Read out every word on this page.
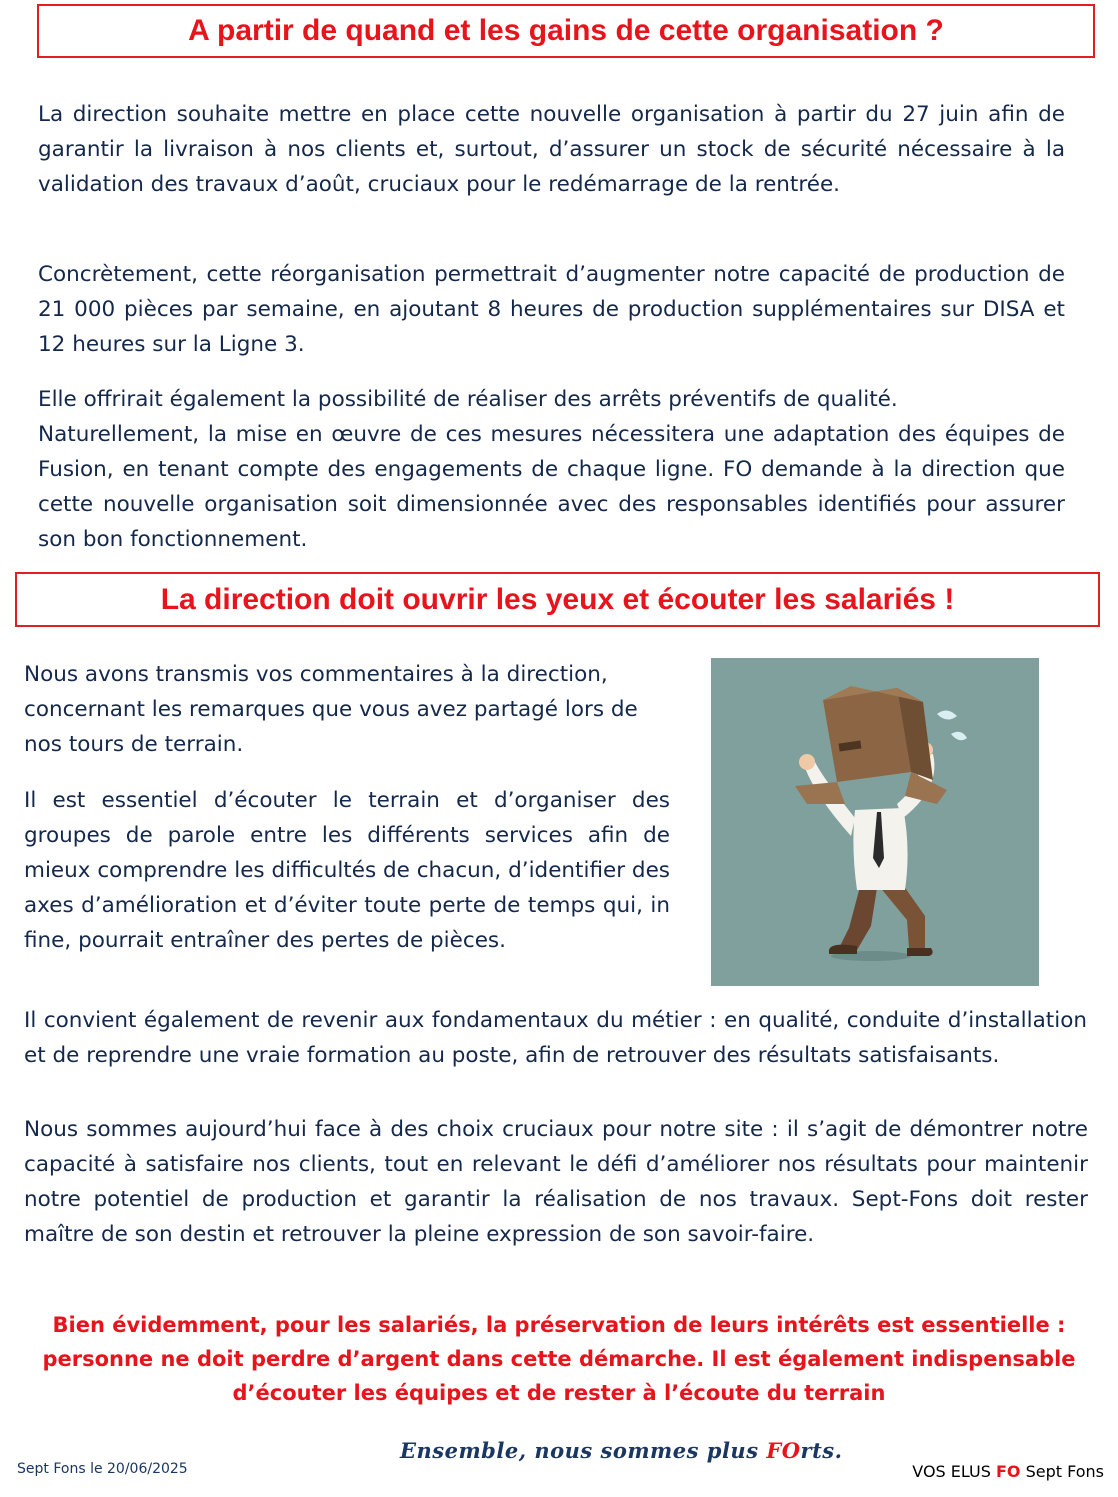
A partir de quand et les gains de cette organisation ?

La direction souhaite mettre en place cette nouvelle organisation à partir du 27 juin afin de garantir la livraison à nos clients et, surtout, d’assurer un stock de sécurité nécessaire à la validation des travaux d’août, cruciaux pour le redémarrage de la rentrée.

Concrètement, cette réorganisation permettrait d’augmenter notre capacité de production de 21 000 pièces par semaine, en ajoutant 8 heures de production supplémentaires sur DISA et 12 heures sur la Ligne 3.

Elle offrirait également la possibilité de réaliser des arrêts préventifs de qualité.

Naturellement, la mise en œuvre de ces mesures nécessitera une adaptation des équipes de Fusion, en tenant compte des engagements de chaque ligne. FO demande à la direction que cette nouvelle organisation soit dimensionnée avec des responsables identifiés pour assurer son bon fonctionnement.

La direction doit ouvrir les yeux et écouter les salariés !

Nous avons transmis vos commentaires à la direction, concernant les remarques que vous avez partagé lors de nos tours de terrain.

Il est essentiel d’écouter le terrain et d’organiser des groupes de parole entre les différents services afin de mieux comprendre les difficultés de chacun, d’identifier des axes d’amélioration et d’éviter toute perte de temps qui, in fine, pourrait entraîner des pertes de pièces.

Il convient également de revenir aux fondamentaux du métier : en qualité, conduite d’installation et de reprendre une vraie formation au poste, afin de retrouver des résultats satisfaisants.

Nous sommes aujourd’hui face à des choix cruciaux pour notre site : il s’agit de démontrer notre capacité à satisfaire nos clients, tout en relevant le défi d’améliorer nos résultats pour maintenir notre potentiel de production et garantir la réalisation de nos travaux. Sept-Fons doit rester maître de son destin et retrouver la pleine expression de son savoir-faire.

Bien évidemment, pour les salariés, la préservation de leurs intérêts est essentielle : personne ne doit perdre d’argent dans cette démarche. Il est également indispensable d’écouter les équipes et de rester à l’écoute du terrain

Sept Fons le 20/06/2025
Ensemble, nous sommes plus FOrts.
VOS ELUS FO Sept Fons
